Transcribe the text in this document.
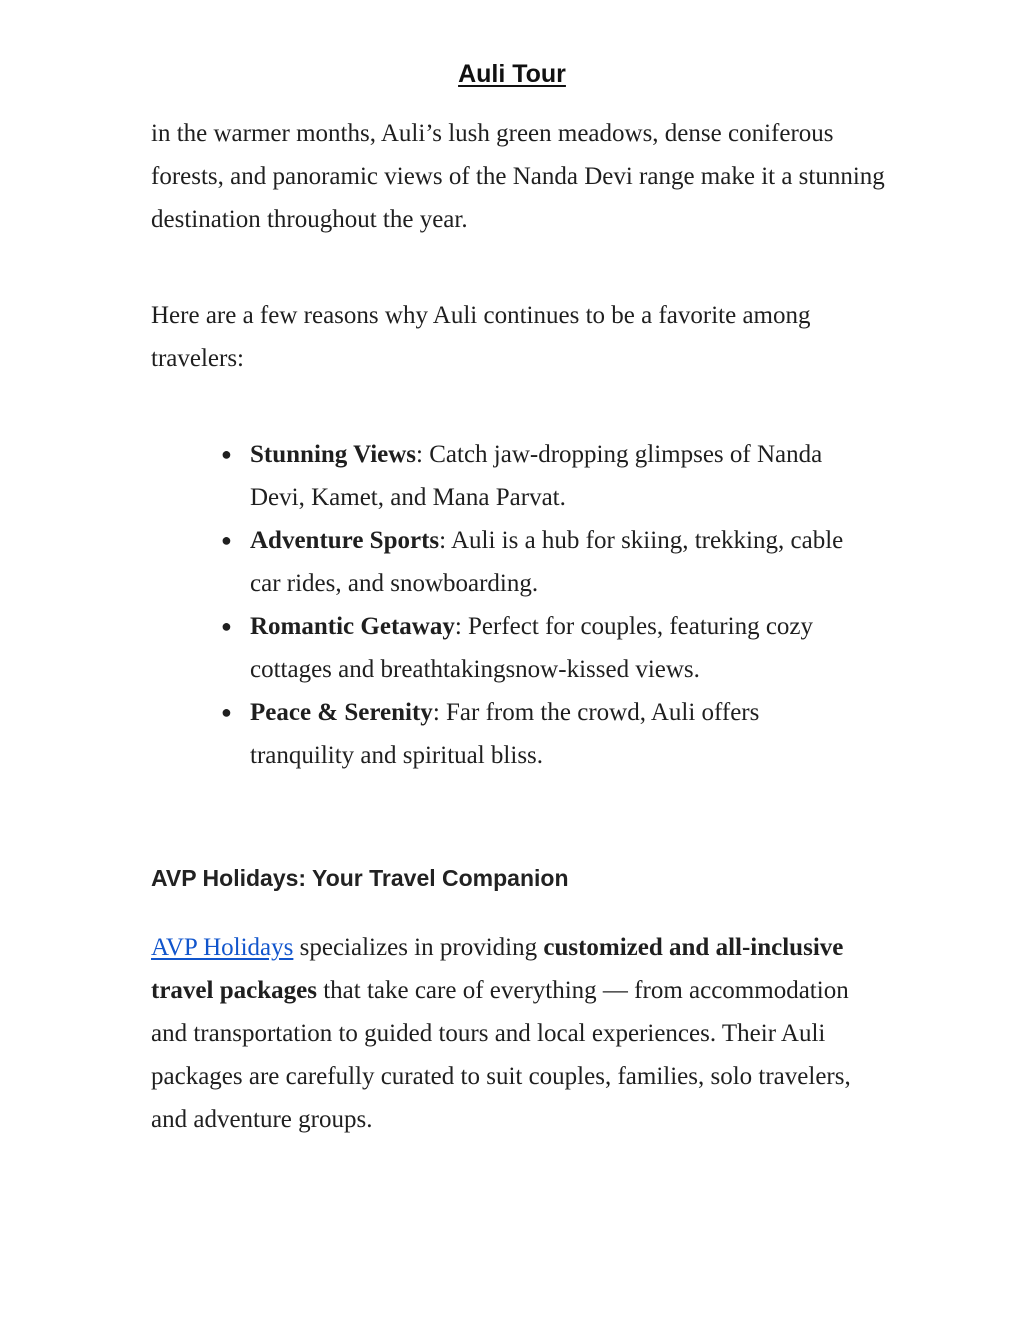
Auli Tour

in the warmer months, Auli’s lush green meadows, dense coniferous forests, and panoramic views of the Nanda Devi range make it a stunning destination throughout the year.

Here are a few reasons why Auli continues to be a favorite among travelers:

● Stunning Views: Catch jaw-dropping glimpses of Nanda Devi, Kamet, and Mana Parvat.
● Adventure Sports: Auli is a hub for skiing, trekking, cable car rides, and snowboarding.
● Romantic Getaway: Perfect for couples, featuring cozy cottages and breathtakingsnow-kissed views.
● Peace & Serenity: Far from the crowd, Auli offers tranquility and spiritual bliss.
AVP Holidays: Your Travel Companion

AVP Holidays specializes in providing customized and all-inclusive travel packages that take care of everything — from accommodation and transportation to guided tours and local experiences. Their Auli packages are carefully curated to suit couples, families, solo travelers, and adventure groups.
